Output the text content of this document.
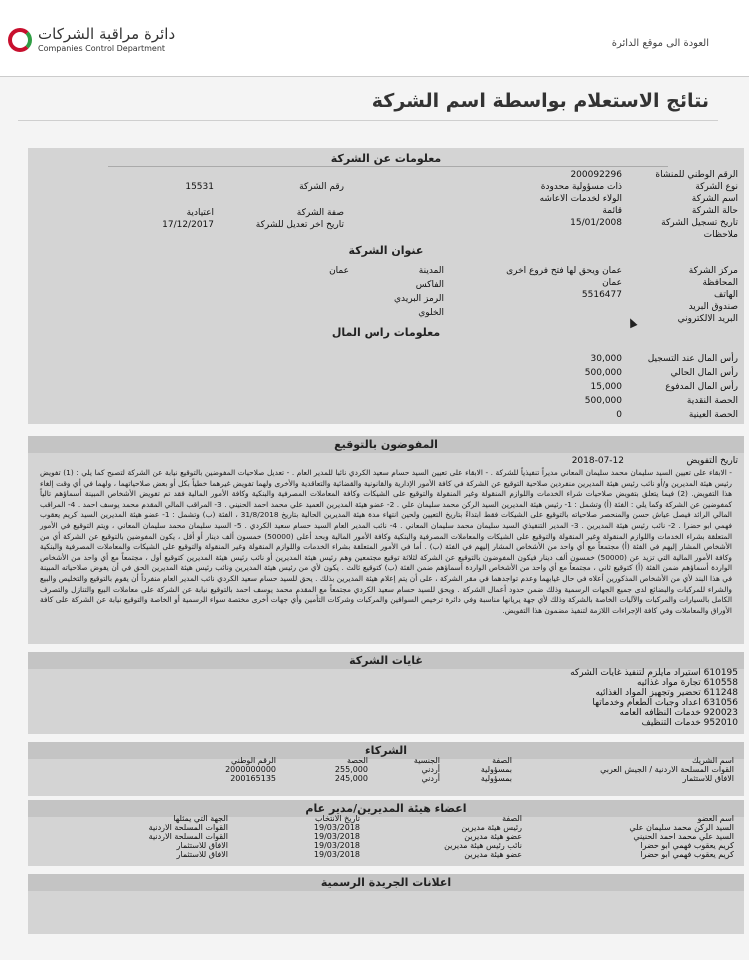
دائرة مراقبة الشركات
Companies Control Department	العودة الى موقع الدائرة
نتائج الاستعلام بواسطة اسم الشركة
معلومات عن الشركة
الرقم الوطني للمنشاة
200092296
نوع الشركة
ذات مسؤولية محدودة
اسم الشركة
الولاء لخدمات الاعاشه
حالة الشركة
قائمة
تاريخ تسجيل الشركة
15/01/2008
ملاحظات
رقم الشركة
15531
صفة الشركة
اعتيادية
تاريخ اخر تعديل للشركة
17/12/2017
عنوان الشركة
مركز الشركة
عمان ويحق لها فتح فروع اخرى
المحافظة
عمان
الهاتف
5516477
صندوق البريد
البريد الالكتروني
المدينة
عمان
الفاكس
الرمز البريدي
الخلوي
معلومات راس المال
رأس المال عند التسجيل
30,000
رأس المال الحالي
500,000
رأس المال المدفوع
15,000
الحصة النقدية
500,000
الحصة العينية
0
المفوضون بالتوقيع
تاريخ التفويض
2018-07-12
- الابقاء على تعيين السيد سليمان محمد سليمان المعاني مديراً تنفيذياً للشركة . - الابقاء على تعيين السيد حسام سعيد الكردي نائبا للمدير العام . - تعديل صلاحيات المفوضين بالتوقيع نيابة عن الشركة لتصبح كما يلي : (1) تفويض رئيس هيئة المديرين و/أو نائب رئيس هيئة المديرين منفردين صلاحية التوقيع عن الشركة في كافة الأمور الإدارية والقانونية والقضائية والتعاقدية والأخرى ولهما تفويض غيرهما خطياً بكل أو بعض صلاحياتهما ، ولهما في أي وقت إلغاء هذا التفويض. (2) فيما يتعلق بتفويض صلاحيات شراء الخدمات واللوازم المنقولة وغير المنقولة والتوقيع على الشيكات وكافة المعاملات المصرفية والبنكية وكافة الأمور المالية فقد تم تفويض الأشخاص المبينة أسماؤهم تالياً كمفوضين عن الشركة وكما يلي : الفئة (أ) وتشمل : 1- رئيس هيئة المديرين السيد الركن محمد سليمان علي . 2- عضو هيئة المديرين العميد علي محمد احمد الحنيني . 3- المراقب المالي المقدم محمد يوسف احمد . 4- المراقب المالي الرائد فيصل عياش حسن والمنحصر صلاحياته بالتوقيع على الشيكات فقط ابتداءً بتاريخ التعيين ولحين انتهاء مدة هيئة المديرين الحالية بتاريخ 31/8/2018 ، الفئة (ب) وتشمل : 1- عضو هيئة المديرين السيد كريم يعقوب فهمي ابو حضرا . 2- نائب رئيس هيئة المديرين . 3- المدير التنفيذي السيد سليمان محمد سليمان المعاني . 4- نائب المدير العام السيد حسام سعيد الكردي . 5- السيد سليمان محمد سليمان المعاني ، ويتم التوقيع في الأمور المتعلقة بشراء الخدمات واللوازم المنقولة وغير المنقولة والتوقيع على الشيكات والمعاملات المصرفية والبنكية وكافة الأمور المالية وبحد أعلى (50000) خمسون ألف دينار أو أقل ، يكون المفوضين بالتوقيع عن الشركة أي من الأشخاص المشار إليهم في الفئة (أ) مجتمعاً مع أي واحد من الأشخاص المشار إليهم في الفئة (ب) . أما في الأمور المتعلقة بشراء الخدمات واللوازم المنقولة وغير المنقولة والتوقيع على الشيكات والمعاملات المصرفية والبنكية وكافة الأمور المالية التي تزيد عن (50000) خمسون ألف دينار فيكون المفوضون بالتوقيع عن الشركة لثلاثة توقيع مجتمعين وهم رئيس هيئة المديرين أو نائب رئيس هيئة المديرين كتوقيع أول ، مجتمعاً مع أي واحد من الأشخاص الواردة أسماؤهم ضمن الفئة (أ) كتوقيع ثاني ، مجتمعاً مع أي واحد من الأشخاص الواردة أسماؤهم ضمن الفئة (ب) كتوقيع ثالث . يكون لأي من رئيس هيئة المديرين ونائب رئيس هيئة المديرين الحق في أن يفوض صلاحياته المبينة في هذا البند لأي من الأشخاص المذكورين أعلاه في حال غيابهما وعدم تواجدهما في مقر الشركة ، على أن يتم إعلام هيئة المديرين بذلك . يحق للسيد حسام سعيد الكردي نائب المدير العام منفرداً أن يقوم بالتوقيع والتخليص والبيع والشراء للمركبات والبضائع لدى جميع الجهات الرسمية وذلك ضمن حدود أعمال الشركة . ويحق للسيد حسام سعيد الكردي مجتمعاً مع المقدم محمد يوسف احمد بالتوقيع نيابة عن الشركة على معاملات البيع والتنازل والتصرف الكامل بالسيارات والمركبات والآليات الخاصة بالشركة وذلك لأي جهة يريانها مناسبة وفي دائرة ترخيص السواقين والمركبات وشركات التأمين وأي جهات أخرى مختصة سواء الرسمية أو الخاصة والتوقيع نيابة عن الشركة على كافة الأوراق والمعاملات وفي كافة الإجراءات اللازمة لتنفيذ مضمون هذا التفويض.
غايات الشركة
610195 استيراد مايلزم لتنفيذ غايات الشركه
610558 تجارة مواد غذائيه
611248 تحضير وتجهيز المواد الغذائيه
631056 اعداد وجبات الطعام وخدماتها
920023 خدمات النظافه العامه
952010 خدمات التنظيف
الشركاء
اسم الشريك	الصفة	الجنسية	الحصة	الرقم الوطني
القوات المسلحة الاردنية / الجيش العربي	بمسؤولية	أردني	255,000	2000000000
الافاق للاستثمار	بمسؤولية	أردني	245,000	200165135
اعضاء هيئة المديرين/مدير عام
اسم العضو	الصفة	تاريخ الانتخاب	الجهة التي يمثلها
السيد الركن محمد سليمان علي	رئيس هيئة مديرين	19/03/2018	القوات المسلحة الاردنية
السيد علي محمد احمد الحنيني	عضو هيئة مديرين	19/03/2018	القوات المسلحة الاردنية
كريم يعقوب فهمي ابو حضرا	نائب رئيس هيئة مديرين	19/03/2018	الافاق للاستثمار
كريم يعقوب فهمي ابو حضرا	عضو هيئة مديرين	19/03/2018	الافاق للاستثمار
اعلانات الجريدة الرسمية
